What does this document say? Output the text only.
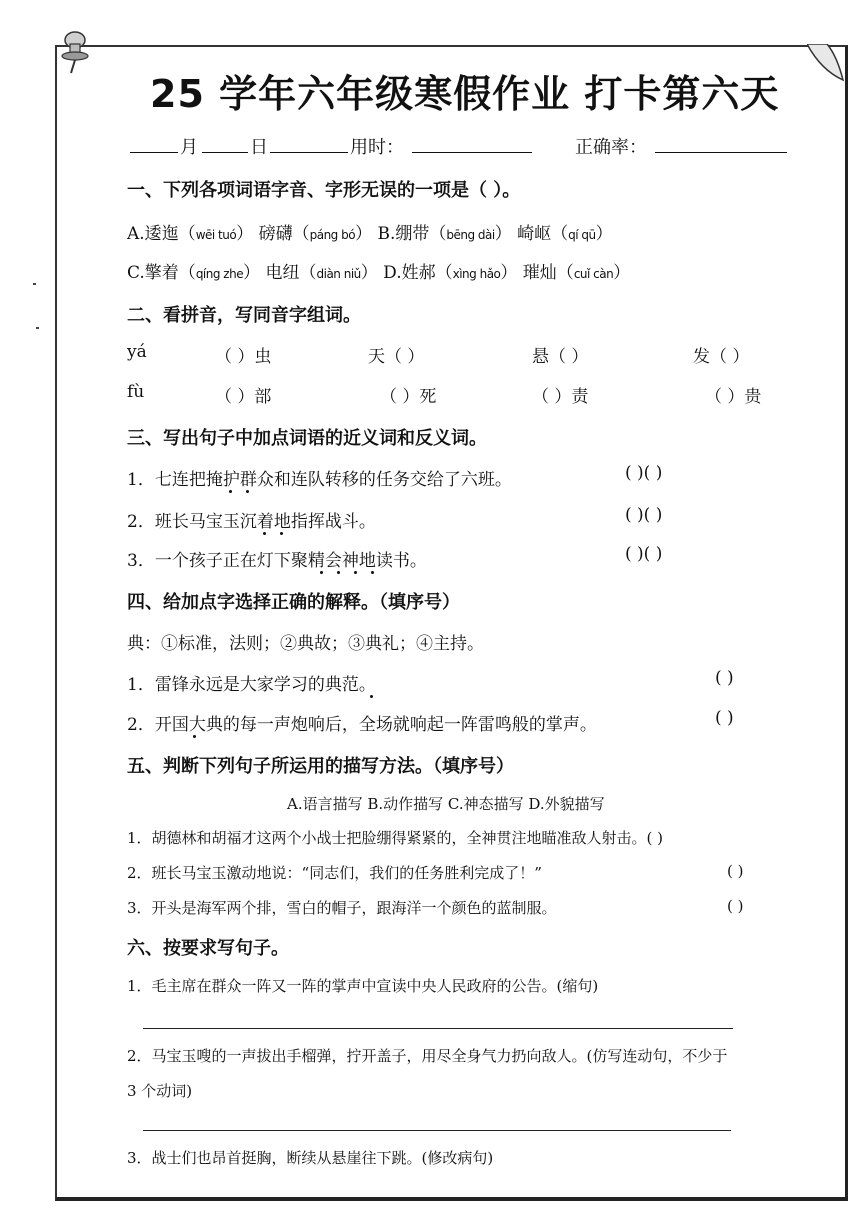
25 学年六年级寒假作业 打卡第六天
月	日	用时：	正确率：
一、下列各项词语字音、字形无误的一项是（ ）。
A.逶迤（wēi tuó） 磅礴（páng bó） B.绷带（bēng dài） 崎岖（qí qū）
C.擎着（qíng zhe） 电纽（diàn niǔ） D.姓郝（xìng hǎo） 璀灿（cuǐ càn）
二、看拼音，写同音字组词。
yá	（ ）虫	天（ ）	悬（ ）	发（ ）
fù	（ ）部	（ ）死	（ ）责	（ ）贵
三、写出句子中加点词语的近义词和反义词。
1．七连把掩护群众和连队转移的任务交给了六班。	( )( )
2．班长马宝玉沉着地指挥战斗。	( )( )
3．一个孩子正在灯下聚精会神地读书。	( )( )
四、给加点字选择正确的解释。（填序号）
典：①标准，法则；②典故；③典礼；④主持。
1．雷锋永远是大家学习的典范。	( )
2．开国大典的每一声炮响后，全场就响起一阵雷鸣般的掌声。	( )
五、判断下列句子所运用的描写方法。（填序号）
A.语言描写 B.动作描写 C.神态描写 D.外貌描写
1．胡德林和胡福才这两个小战士把脸绷得紧紧的，全神贯注地瞄准敌人射击。( )
2．班长马宝玉激动地说：“同志们，我们的任务胜利完成了！”	( )
3．开头是海军两个排，雪白的帽子，跟海洋一个颜色的蓝制服。	( )
六、按要求写句子。
1．毛主席在群众一阵又一阵的掌声中宣读中央人民政府的公告。(缩句)
2．马宝玉嗖的一声拔出手榴弹，拧开盖子，用尽全身气力扔向敌人。(仿写连动句，不少于
3 个动词)
3．战士们也昂首挺胸，断续从悬崖往下跳。(修改病句)
